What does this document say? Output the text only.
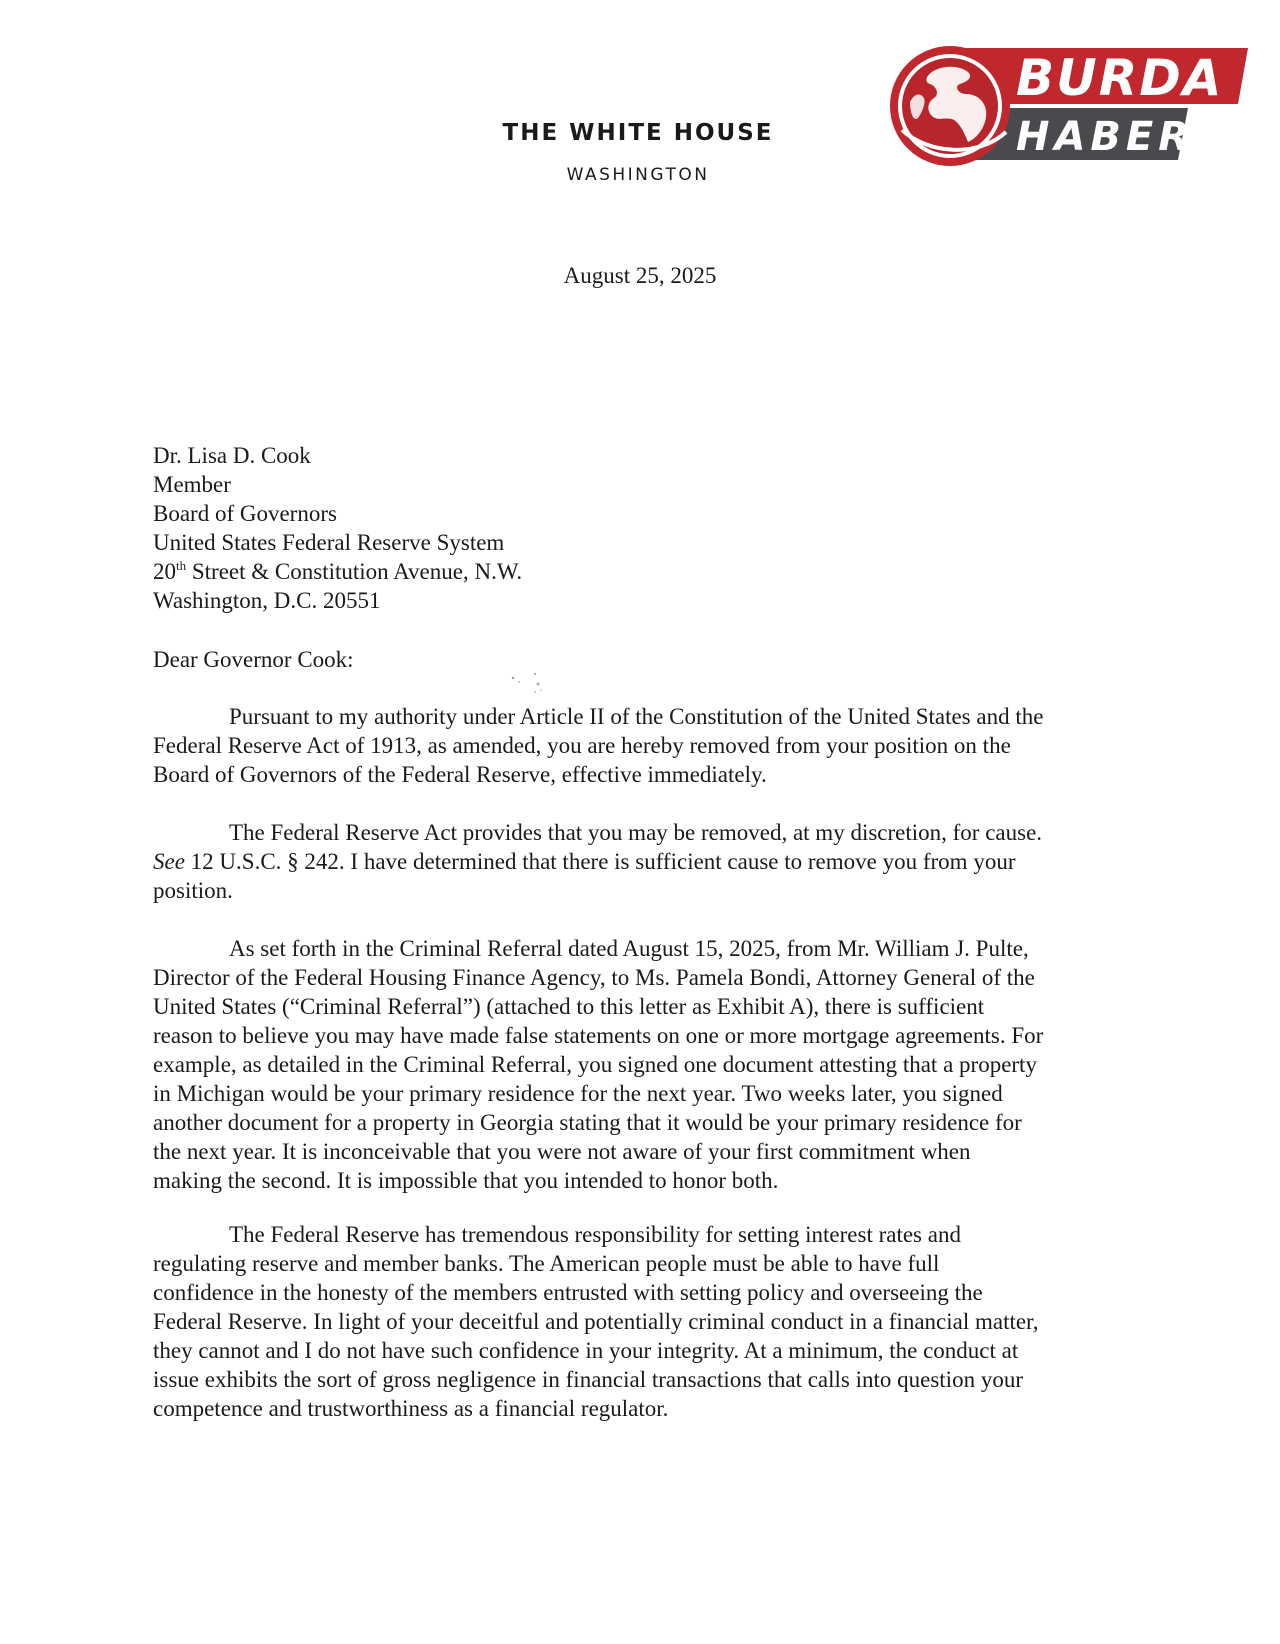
BURDA
HABER
THE WHITE HOUSE
WASHINGTON
August 25, 2025
Dr. Lisa D. Cook
Member
Board of Governors
United States Federal Reserve System
20th Street & Constitution Avenue, N.W.
Washington, D.C. 20551
Dear Governor Cook:
Pursuant to my authority under Article II of the Constitution of the United States and the
Federal Reserve Act of 1913, as amended, you are hereby removed from your position on the
Board of Governors of the Federal Reserve, effective immediately.
The Federal Reserve Act provides that you may be removed, at my discretion, for cause.
See 12 U.S.C. § 242. I have determined that there is sufficient cause to remove you from your
position.
As set forth in the Criminal Referral dated August 15, 2025, from Mr. William J. Pulte,
Director of the Federal Housing Finance Agency, to Ms. Pamela Bondi, Attorney General of the
United States (“Criminal Referral”) (attached to this letter as Exhibit A), there is sufficient
reason to believe you may have made false statements on one or more mortgage agreements. For
example, as detailed in the Criminal Referral, you signed one document attesting that a property
in Michigan would be your primary residence for the next year. Two weeks later, you signed
another document for a property in Georgia stating that it would be your primary residence for
the next year. It is inconceivable that you were not aware of your first commitment when
making the second. It is impossible that you intended to honor both.
The Federal Reserve has tremendous responsibility for setting interest rates and
regulating reserve and member banks. The American people must be able to have full
confidence in the honesty of the members entrusted with setting policy and overseeing the
Federal Reserve. In light of your deceitful and potentially criminal conduct in a financial matter,
they cannot and I do not have such confidence in your integrity. At a minimum, the conduct at
issue exhibits the sort of gross negligence in financial transactions that calls into question your
competence and trustworthiness as a financial regulator.
